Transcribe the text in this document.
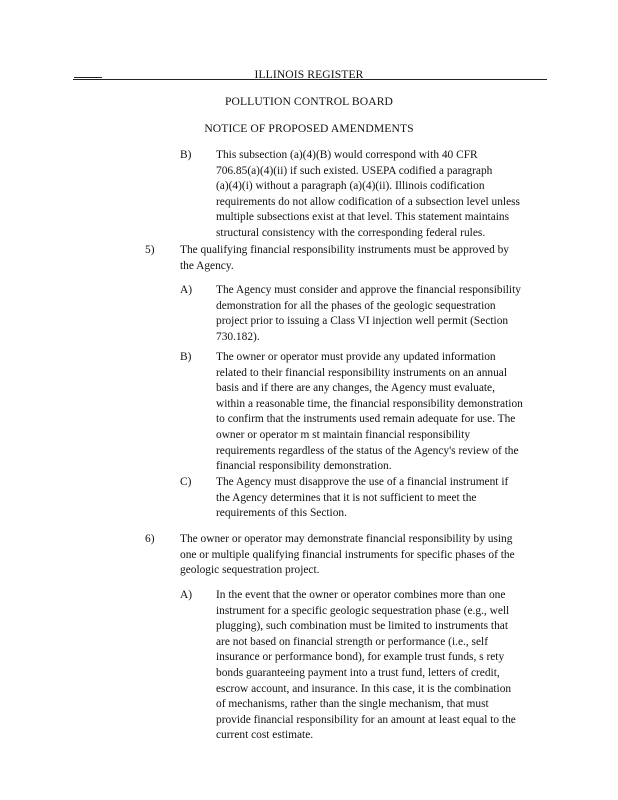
ILLINOIS REGISTER
POLLUTION CONTROL BOARD
NOTICE OF PROPOSED AMENDMENTS
B) This subsection (a)(4)(B) would correspond with 40 CFR
706.85(a)(4)(ii) if such existed. USEPA codified a paragraph
(a)(4)(i) without a paragraph (a)(4)(ii). Illinois codification
requirements do not allow codification of a subsection level unless
multiple subsections exist at that level. This statement maintains
structural consistency with the corresponding federal rules.
5) The qualifying financial responsibility instruments must be approved by
the Agency.
A) The Agency must consider and approve the financial responsibility
demonstration for all the phases of the geologic sequestration
project prior to issuing a Class VI injection well permit (Section
730.182).
B) The owner or operator must provide any updated information
related to their financial responsibility instruments on an annual
basis and if there are any changes, the Agency must evaluate,
within a reasonable time, the financial responsibility demonstration
to confirm that the instruments used remain adequate for use. The
owner or operator m st maintain financial responsibility
requirements regardless of the status of the Agency's review of the
financial responsibility demonstration.
C) The Agency must disapprove the use of a financial instrument if
the Agency determines that it is not sufficient to meet the
requirements of this Section.
6) The owner or operator may demonstrate financial responsibility by using
one or multiple qualifying financial instruments for specific phases of the
geologic sequestration project.
A) In the event that the owner or operator combines more than one
instrument for a specific geologic sequestration phase (e.g., well
plugging), such combination must be limited to instruments that
are not based on financial strength or performance (i.e., self
insurance or performance bond), for example trust funds, s rety
bonds guaranteeing payment into a trust fund, letters of credit,
escrow account, and insurance. In this case, it is the combination
of mechanisms, rather than the single mechanism, that must
provide financial responsibility for an amount at least equal to the
current cost estimate.
